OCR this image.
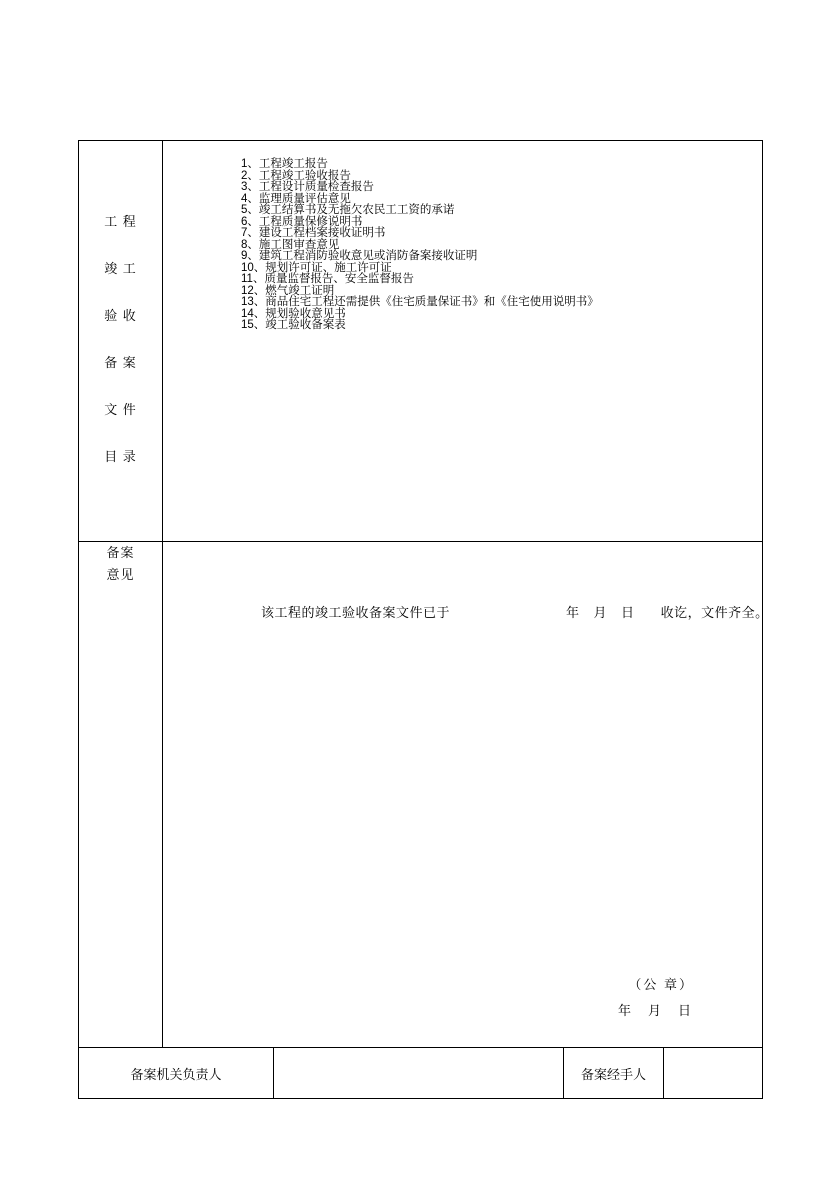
工 程
竣 工
验 收
备 案
文 件
目 录

1、工程竣工报告
2、工程竣工验收报告
3、工程设计质量检查报告
4、监理质量评估意见
5、竣工结算书及无拖欠农民工工资的承诺
6、工程质量保修说明书
7、建设工程档案接收证明书
8、施工图审查意见
9、建筑工程消防验收意见或消防备案接收证明
10、规划许可证、施工许可证
11、质量监督报告、安全监督报告
12、燃气竣工证明
13、商品住宅工程还需提供《住宅质量保证书》和《住宅使用说明书》
14、规划验收意见书
15、竣工验收备案表

备案
意见

该工程的竣工验收备案文件已于	年 月 日 收讫，文件齐全。
（公 章）
年 月 日

备案机关负责人			备案经手人	
